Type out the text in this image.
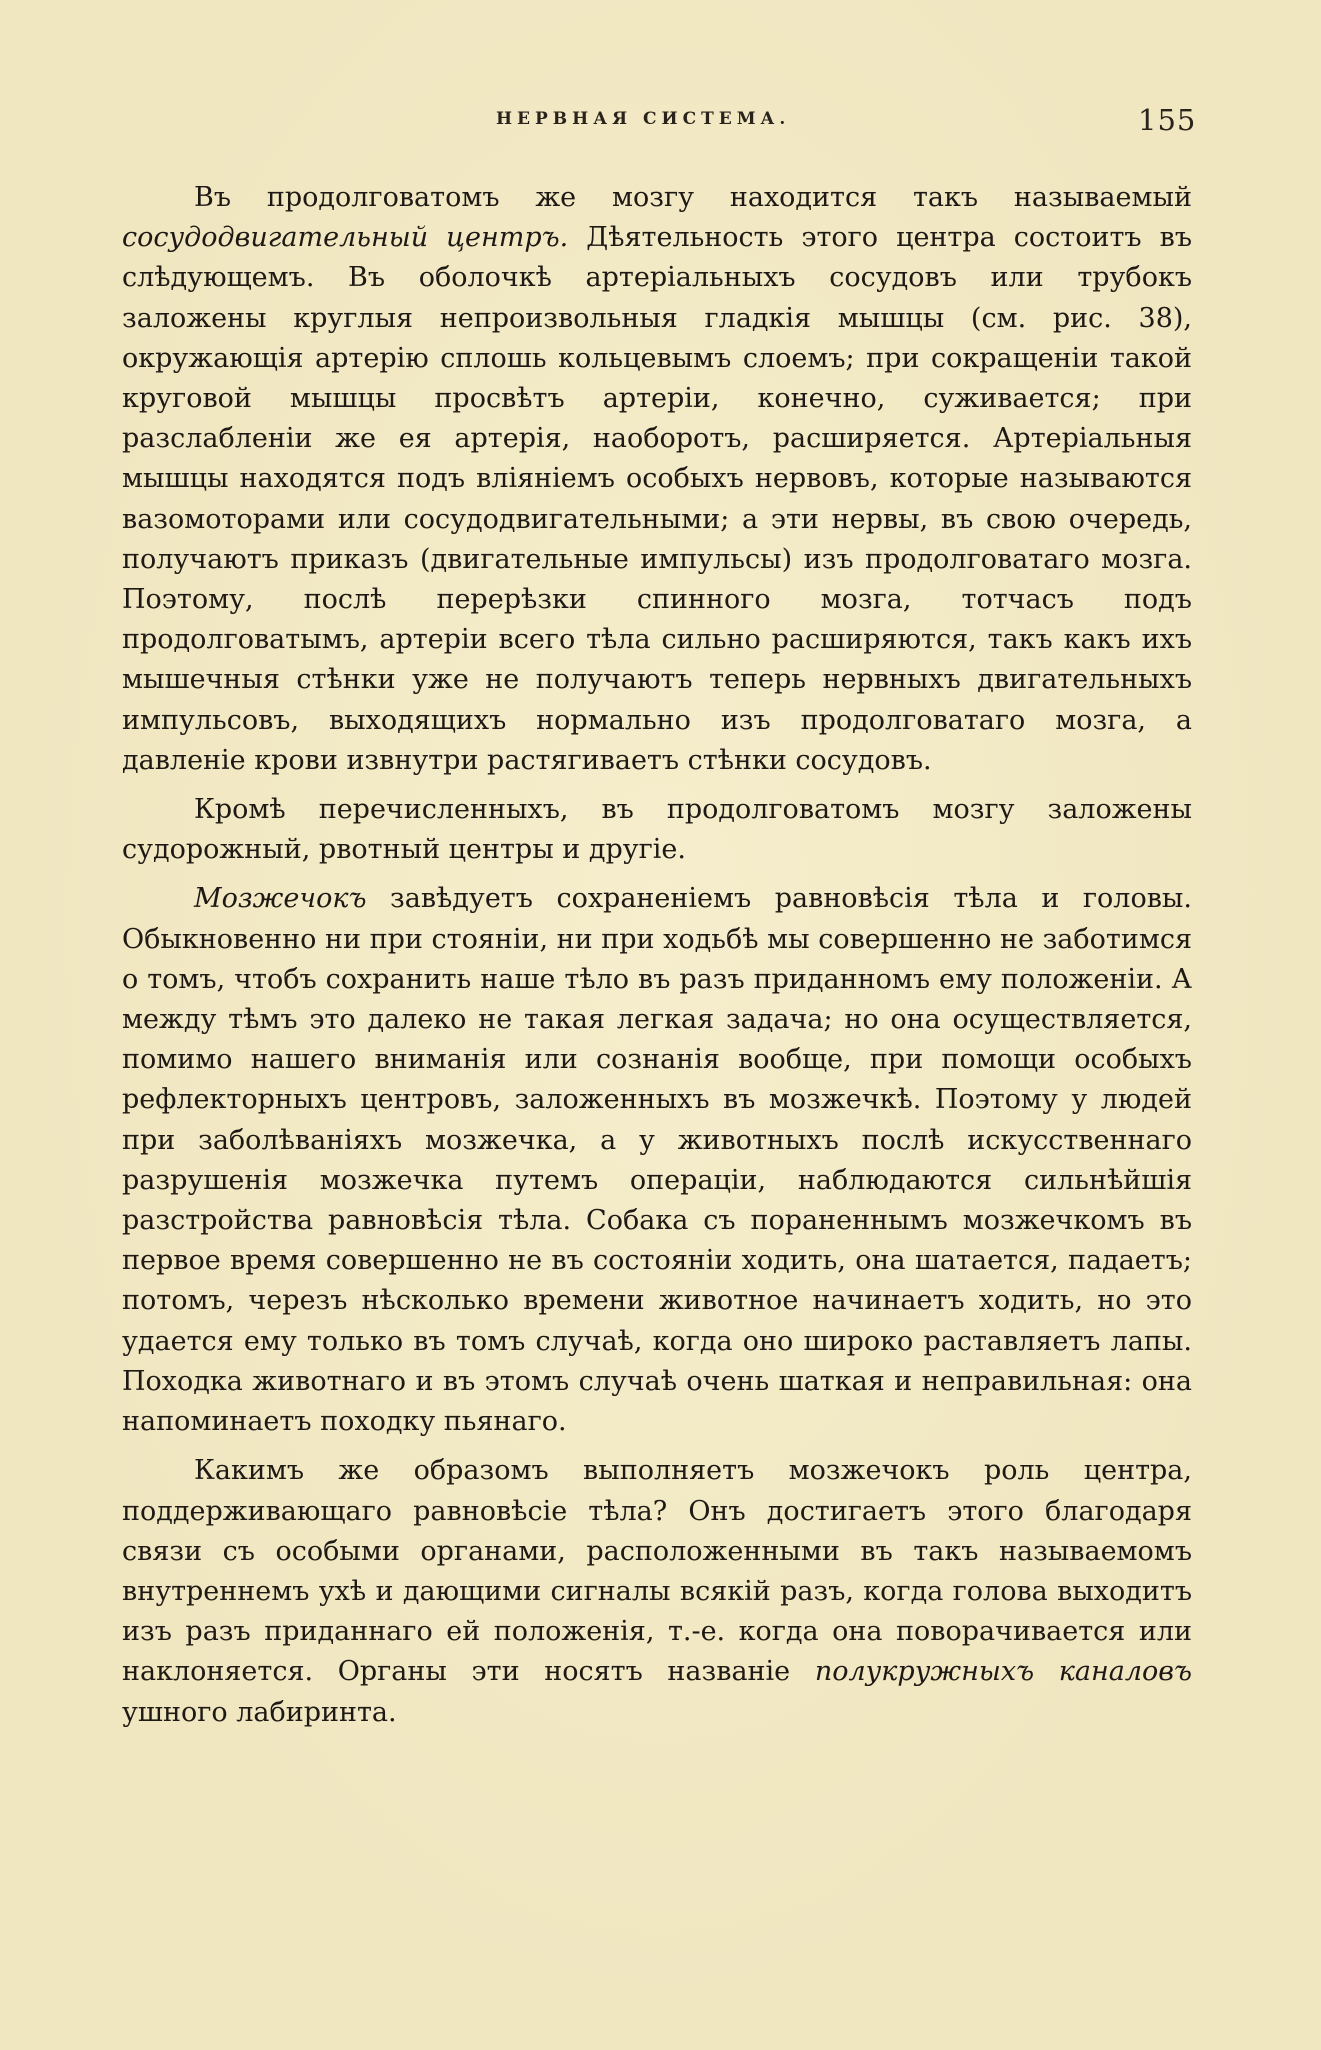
НЕРВНАЯ СИСТЕМА.	155

Въ продолговатомъ же мозгу находится такъ называемый сосудодвигательный центръ. Дѣятельность этого центра состоитъ въ слѣдующемъ. Въ оболочкѣ артеріальныхъ сосудовъ или трубокъ заложены круглыя непроизвольныя гладкія мышцы (см. рис. 38), окружающія артерію сплошь кольцевымъ слоемъ; при сокращеніи такой круговой мышцы просвѣтъ артеріи, конечно, суживается; при разслабленіи же ея артерія, наоборотъ, расширяется. Артеріальныя мышцы находятся подъ вліяніемъ особыхъ нервовъ, которые называются вазомоторами или сосудодвигательными; а эти нервы, въ свою очередь, получаютъ приказъ (двигательные импульсы) изъ продолговатаго мозга. Поэтому, послѣ перерѣзки спинного мозга, тотчасъ подъ продолговатымъ, артеріи всего тѣла сильно расширяются, такъ какъ ихъ мышечныя стѣнки уже не получаютъ теперь нервныхъ двигательныхъ импульсовъ, выходящихъ нормально изъ продолговатаго мозга, а давленіе крови извнутри растягиваетъ стѣнки сосудовъ.

Кромѣ перечисленныхъ, въ продолговатомъ мозгу заложены судорожный, рвотный центры и другіе.

Мозжечокъ завѣдуетъ сохраненіемъ равновѣсія тѣла и головы. Обыкновенно ни при стояніи, ни при ходьбѣ мы совершенно не заботимся о томъ, чтобъ сохранить наше тѣло въ разъ приданномъ ему положеніи. А между тѣмъ это далеко не такая легкая задача; но она осуществляется, помимо нашего вниманія или сознанія вообще, при помощи особыхъ рефлекторныхъ центровъ, заложенныхъ въ мозжечкѣ. Поэтому у людей при заболѣваніяхъ мозжечка, а у животныхъ послѣ искусственнаго разрушенія мозжечка путемъ операціи, наблюдаются сильнѣйшія разстройства равновѣсія тѣла. Собака съ пораненнымъ мозжечкомъ въ первое время совершенно не въ состояніи ходить, она шатается, падаетъ; потомъ, черезъ нѣсколько времени животное начинаетъ ходить, но это удается ему только въ томъ случаѣ, когда оно широко раставляетъ лапы. Походка животнаго и въ этомъ случаѣ очень шаткая и неправильная: она напоминаетъ походку пьянаго.

Какимъ же образомъ выполняетъ мозжечокъ роль центра, поддерживающаго равновѣсіе тѣла? Онъ достигаетъ этого благодаря связи съ особыми органами, расположенными въ такъ называемомъ внутреннемъ ухѣ и дающими сигналы всякій разъ, когда голова выходитъ изъ разъ приданнаго ей положенія, т.-е. когда она поворачивается или наклоняется. Органы эти носятъ названіе полукружныхъ каналовъ ушного лабиринта.
